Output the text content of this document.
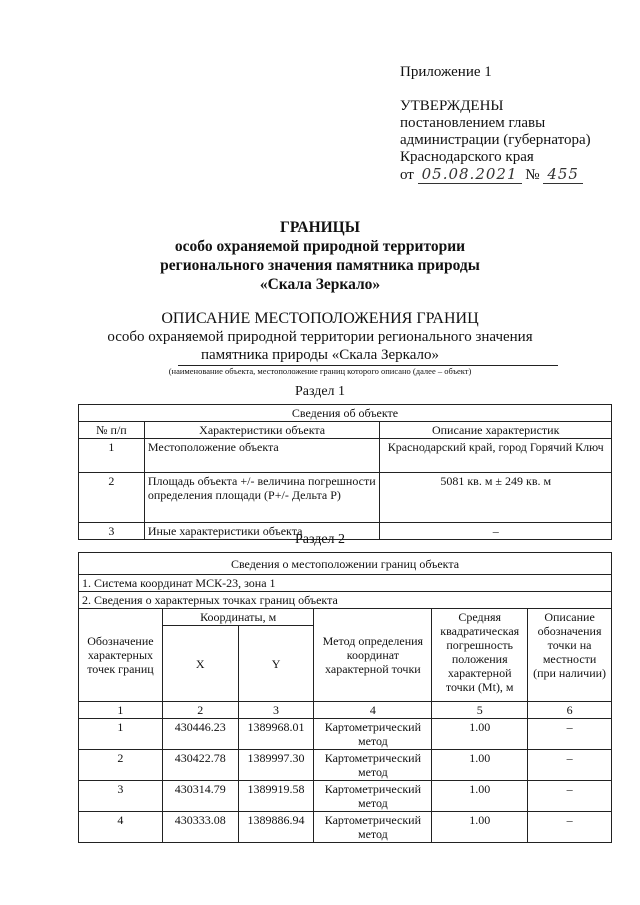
Приложение 1
УТВЕРЖДЕНЫ
постановлением главы
администрации (губернатора)
Краснодарского края
от 05.08.2021 № 455
ГРАНИЦЫ
особо охраняемой природной территории
регионального значения памятника природы
«Скала Зеркало»
ОПИСАНИЕ МЕСТОПОЛОЖЕНИЯ ГРАНИЦ
особо охраняемой природной территории регионального значения
памятника природы «Скала Зеркало»
(наименование объекта, местоположение границ которого описано (далее – объект)
Раздел 1
Сведения об объекте		
№ п/п	Характеристики объекта	Описание характеристик
1	Местоположение объекта	Краснодарский край, город Горячий Ключ
2	Площадь объекта +/- величина погрешности определения площади (P+/- Дельта P)	5081 кв. м ± 249 кв. м
3	Иные характеристики объекта	–
Раздел 2
Сведения о местоположении границ объекта					
1. Система координат МСК-23, зона 1					
2. Сведения о характерных точках границ объекта					
Обозначение характерных точек границ	Координаты, м		Метод определения координат характерной точки	Средняя квадратическая погрешность положения характерной точки (Mt), м	Описание обозначения точки на местности (при наличии)
	X	Y			
1	2	3	4	5	6
1	430446.23	1389968.01	Картометрический метод	1.00	–
2	430422.78	1389997.30	Картометрический метод	1.00	–
3	430314.79	1389919.58	Картометрический метод	1.00	–
4	430333.08	1389886.94	Картометрический метод	1.00	–
